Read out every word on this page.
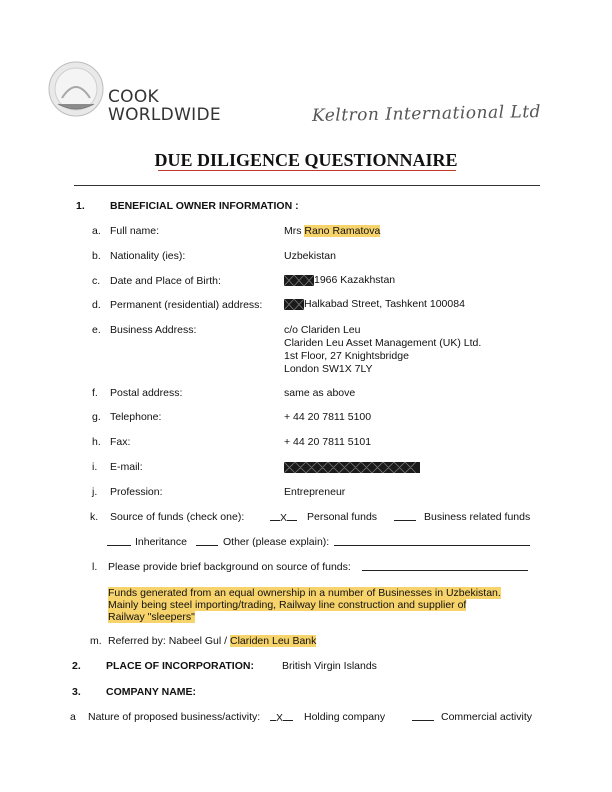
COOK
WORLDWIDE	Keltron International Ltd
DUE DILIGENCE QUESTIONNAIRE
1. BENEFICIAL OWNER INFORMATION :
a. Full name:	Mrs Rano Ramatova
b. Nationality (ies):	Uzbekistan
c. Date and Place of Birth:	1966 Kazakhstan
d. Permanent (residential) address:	Halkabad Street, Tashkent 100084
e. Business Address:	c/o Clariden Leu
Clariden Leu Asset Management (UK) Ltd.
1st Floor, 27 Knightsbridge
London SW1X 7LY
f. Postal address:	same as above
g. Telephone:	+ 44 20 7811 5100
h. Fax:	+ 44 20 7811 5101
i. E-mail:
j. Profession:	Entrepreneur
k. Source of funds (check one):	X	Personal funds	Business related funds
Inheritance	Other (please explain):
l. Please provide brief background on source of funds:
Funds generated from an equal ownership in a number of Businesses in Uzbekistan.
Mainly being steel importing/trading, Railway line construction and supplier of
Railway "sleepers"
m. Referred by: Nabeel Gul / Clariden Leu Bank
2. PLACE OF INCORPORATION:	British Virgin Islands
3. COMPANY NAME:
a Nature of proposed business/activity:	X	Holding company	Commercial activity
